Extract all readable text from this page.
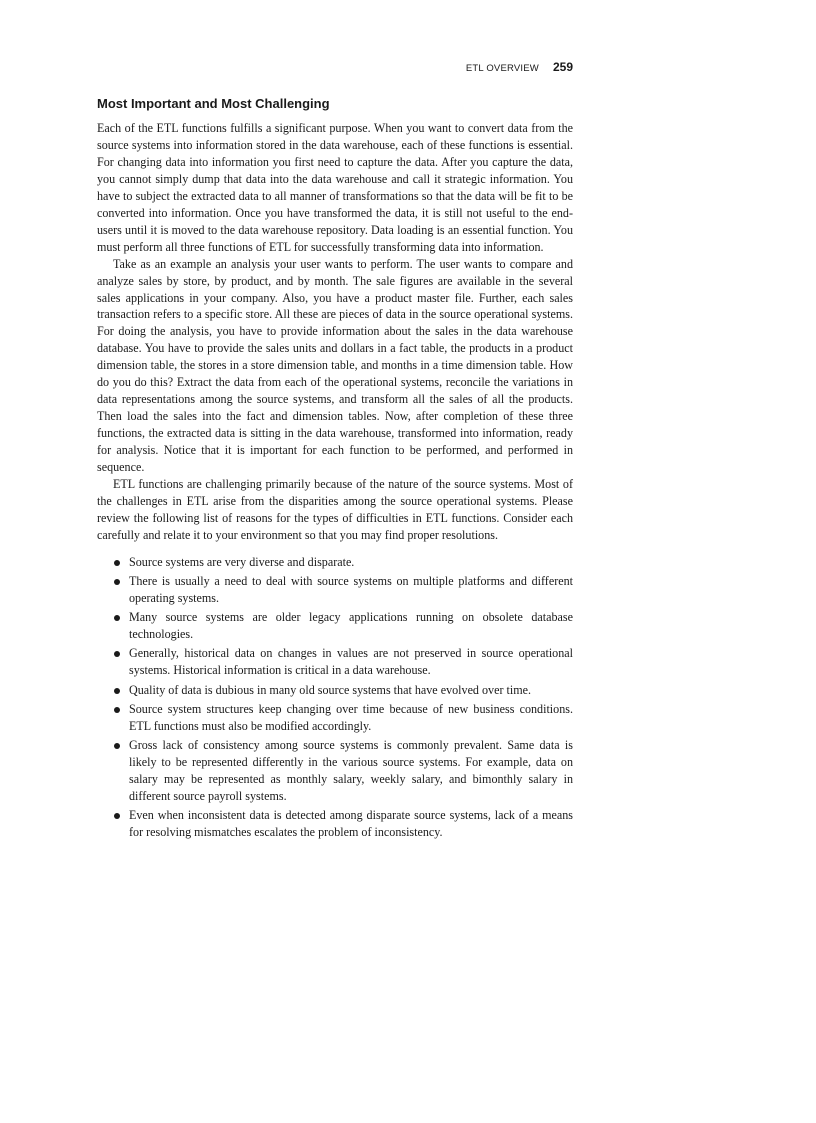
ETL OVERVIEW 259
Most Important and Most Challenging

Each of the ETL functions fulfills a significant purpose. When you want to convert data from the source systems into information stored in the data warehouse, each of these functions is essential. For changing data into information you first need to capture the data. After you capture the data, you cannot simply dump that data into the data warehouse and call it strategic information. You have to subject the extracted data to all manner of transformations so that the data will be fit to be converted into information. Once you have transformed the data, it is still not useful to the end-users until it is moved to the data warehouse repository. Data loading is an essential function. You must perform all three functions of ETL for successfully transforming data into information.

Take as an example an analysis your user wants to perform. The user wants to compare and analyze sales by store, by product, and by month. The sale figures are available in the several sales applications in your company. Also, you have a product master file. Further, each sales transaction refers to a specific store. All these are pieces of data in the source operational systems. For doing the analysis, you have to provide information about the sales in the data warehouse database. You have to provide the sales units and dollars in a fact table, the products in a product dimension table, the stores in a store dimension table, and months in a time dimension table. How do you do this? Extract the data from each of the operational systems, reconcile the variations in data representations among the source systems, and transform all the sales of all the products. Then load the sales into the fact and dimension tables. Now, after completion of these three functions, the extracted data is sitting in the data warehouse, transformed into information, ready for analysis. Notice that it is important for each function to be performed, and performed in sequence.

ETL functions are challenging primarily because of the nature of the source systems. Most of the challenges in ETL arise from the disparities among the source operational systems. Please review the following list of reasons for the types of difficulties in ETL functions. Consider each carefully and relate it to your environment so that you may find proper resolutions.

Source systems are very diverse and disparate.
There is usually a need to deal with source systems on multiple platforms and different operating systems.
Many source systems are older legacy applications running on obsolete database technologies.
Generally, historical data on changes in values are not preserved in source operational systems. Historical information is critical in a data warehouse.
Quality of data is dubious in many old source systems that have evolved over time.
Source system structures keep changing over time because of new business conditions. ETL functions must also be modified accordingly.
Gross lack of consistency among source systems is commonly prevalent. Same data is likely to be represented differently in the various source systems. For example, data on salary may be represented as monthly salary, weekly salary, and bimonthly salary in different source payroll systems.
Even when inconsistent data is detected among disparate source systems, lack of a means for resolving mismatches escalates the problem of inconsistency.
